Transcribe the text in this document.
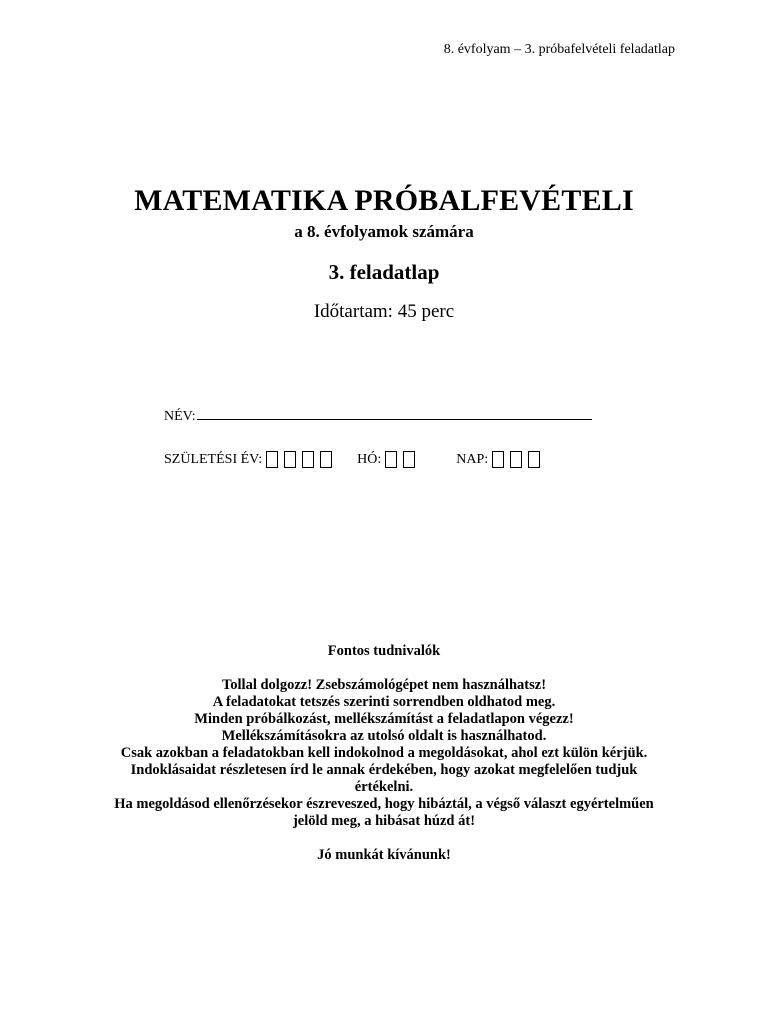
8. évfolyam – 3. próbafelvételi feladatlap
MATEMATIKA PRÓBALFEVÉTELI
a 8. évfolyamok számára
3. feladatlap
Időtartam: 45 perc
NÉV:
SZÜLETÉSI ÉV:	HÓ:	NAP:
Fontos tudnivalók
Tollal dolgozz! Zsebszámológépet nem használhatsz!
A feladatokat tetszés szerinti sorrendben oldhatod meg.
Minden próbálkozást, mellékszámítást a feladatlapon végezz!
Mellékszámításokra az utolsó oldalt is használhatod.
Csak azokban a feladatokban kell indokolnod a megoldásokat, ahol ezt külön kérjük.
Indoklásaidat részletesen írd le annak érdekében, hogy azokat megfelelően tudjuk
értékelni.
Ha megoldásod ellenőrzésekor észreveszed, hogy hibáztál, a végső választ egyértelműen
jelöld meg, a hibásat húzd át!
Jó munkát kívánunk!
